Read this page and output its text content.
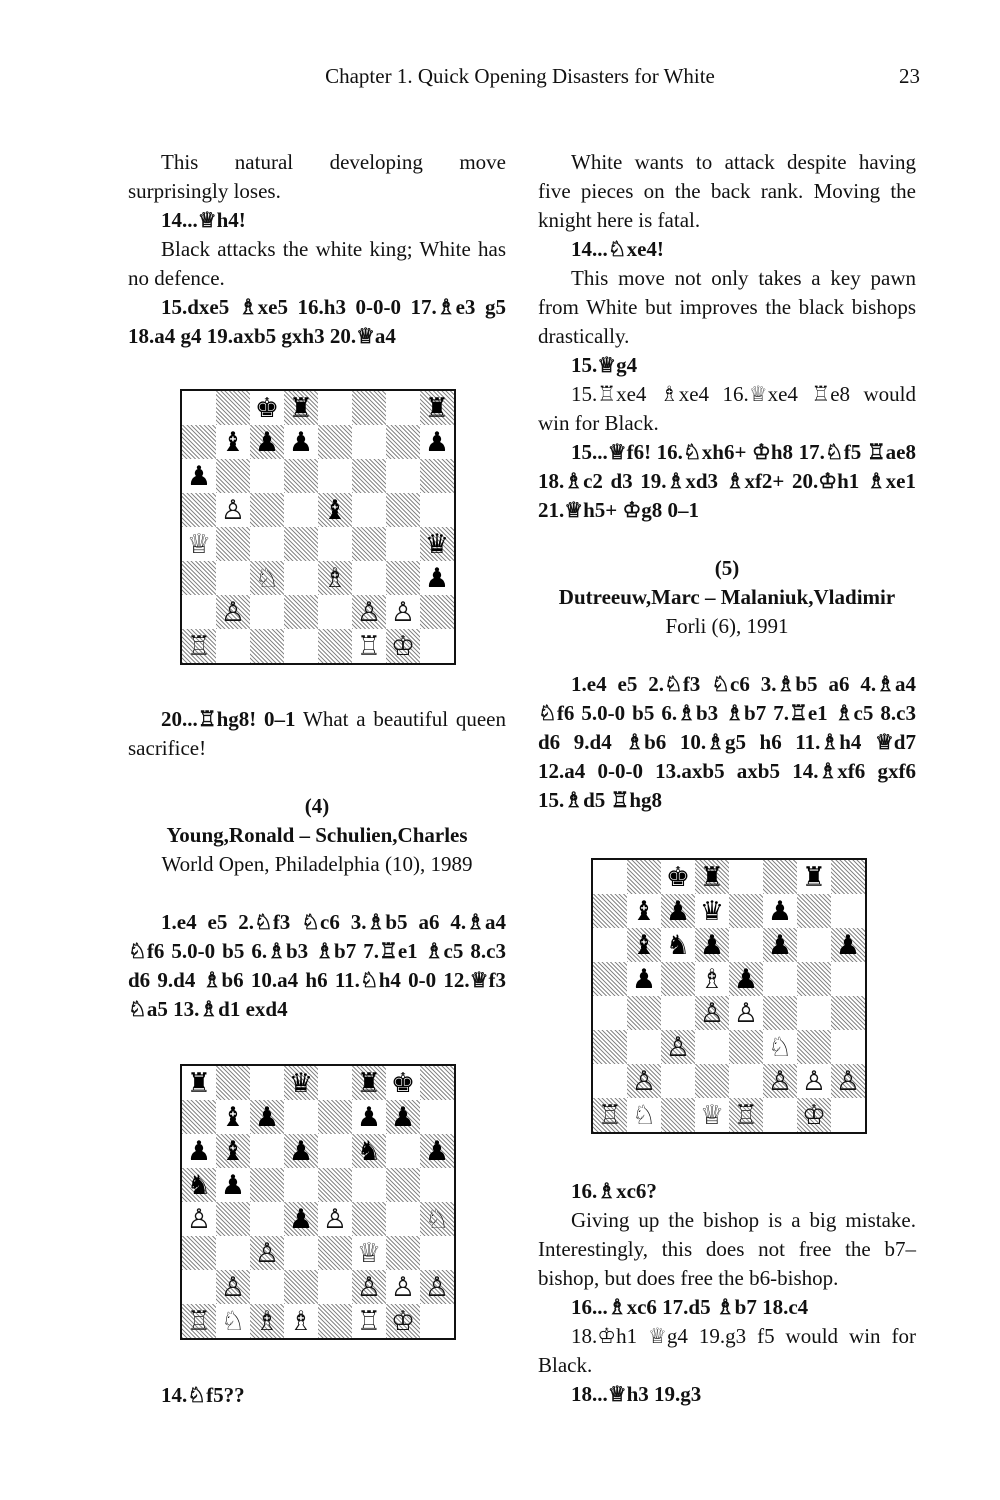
Chapter 1. Quick Opening Disasters for White	23

This natural developing move surprisingly loses.

14...♕h4!

Black attacks the white king; White has no defence.

15.dxe5 ♗xe5 16.h3 0-0-0 17.♗e3 g5 18.a4 g4 19.axb5 gxh3 20.♕a4

♚ ♜	♜
♝ ♟ ♟	♟
♟
♙	♝
♕	♛
♘ ♗	♟
♙	♙ ♙
♖	♖ ♔

20...♖hg8! 0–1 What a beautiful queen sacrifice!

(4)

Young,Ronald – Schulien,Charles

World Open, Philadelphia (10), 1989

1.e4 e5 2.♘f3 ♘c6 3.♗b5 a6 4.♗a4 ♘f6 5.0-0 b5 6.♗b3 ♗b7 7.♖e1 ♗c5 8.c3 d6 9.d4 ♗b6 10.a4 h6 11.♘h4 0-0 12.♕f3 ♘a5 13.♗d1 exd4

♜	♛ ♜ ♚
♝ ♟	♟ ♟
♟ ♝ ♟ ♞ ♟
♞ ♟
♙	♟ ♙	♘
♙	♕
♙	♙ ♙ ♙
♖ ♘ ♗ ♗ ♖ ♔

14.♘f5??

White wants to attack despite having five pieces on the back rank. Moving the knight here is fatal.

14...♘xe4!

This move not only takes a key pawn from White but improves the black bishops drastically.

15.♕g4

15.♖xe4 ♗xe4 16.♕xe4 ♖e8 would win for Black.

15...♕f6! 16.♘xh6+ ♔h8 17.♘f5 ♖ae8 18.♗c2 d3 19.♗xd3 ♗xf2+ 20.♔h1 ♗xe1 21.♕h5+ ♔g8 0–1

(5)

Dutreeuw,Marc – Malaniuk,Vladimir

Forli (6), 1991

1.e4 e5 2.♘f3 ♘c6 3.♗b5 a6 4.♗a4 ♘f6 5.0-0 b5 6.♗b3 ♗b7 7.♖e1 ♗c5 8.c3 d6 9.d4 ♗b6 10.♗g5 h6 11.♗h4 ♕d7 12.a4 0-0-0 13.axb5 axb5 14.♗xf6 gxf6 15.♗d5 ♖hg8

♚ ♜	♜
♝ ♟ ♛ ♟
♝ ♞ ♟ ♟ ♟
♟ ♗ ♟
♙ ♙
♙	♘
♙	♙ ♙ ♙
♖ ♘ ♕ ♖ ♔

16.♗xc6?

Giving up the bishop is a big mistake. Interestingly, this does not free the b7–bishop, but does free the b6-bishop.

16...♗xc6 17.d5 ♗b7 18.c4

18.♔h1 ♕g4 19.g3 f5 would win for Black.

18...♕h3 19.g3
